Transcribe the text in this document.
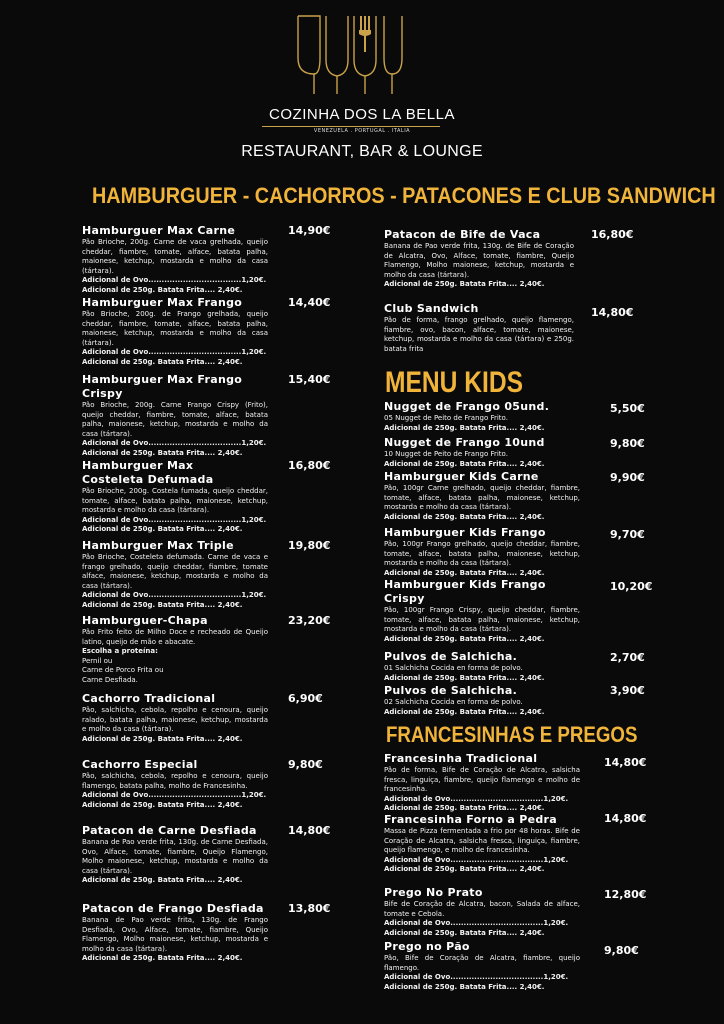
COZINHA DOS LA BELLA
VENEZUELA . PORTUGAL . ITALIA
RESTAURANT, BAR & LOUNGE
HAMBURGUER - CACHORROS - PATACONES E CLUB SANDWICH
MENU KIDS
FRANCESINHAS E PREGOS
Hamburguer Max Carne
Pão Brioche, 200g. Carne de vaca grelhada, queijo cheddar, fiambre, tomate, alface, batata palha, maionese, ketchup, mostarda e molho da casa (tártara).
Adicional de Ovo...................................1,20€.
Adicional de 250g. Batata Frita.... 2,40€.
14,90€
Hamburguer Max Frango
Pão Brioche, 200g. de Frango grelhada, queijo cheddar, fiambre, tomate, alface, batata palha, maionese, ketchup, mostarda e molho da casa (tártara).
Adicional de Ovo...................................1,20€.
Adicional de 250g. Batata Frita.... 2,40€.
14,40€
Hamburguer Max Frango Crispy
Pão Brioche, 200g. Carne Frango Crispy (Frito), queijo cheddar, fiambre, tomate, alface, batata palha, maionese, ketchup, mostarda e molho da casa (tártara).
Adicional de Ovo...................................1,20€.
Adicional de 250g. Batata Frita.... 2,40€.
15,40€
Hamburguer Max Costeleta Defumada
Pão Brioche, 200g. Costela fumada, queijo cheddar, tomate, alface, batata palha, maionese, ketchup, mostarda e molho da casa (tártara).
Adicional de Ovo...................................1,20€.
Adicional de 250g. Batata Frita.... 2,40€.
16,80€
Hamburguer Max Triple
Pão Brioche, Costeleta defumada. Carne de vaca e frango grelhado, queijo cheddar, fiambre, tomate alface, maionese, ketchup, mostarda e molho da casa (tártara).
Adicional de Ovo...................................1,20€.
Adicional de 250g. Batata Frita.... 2,40€.
19,80€
Hamburguer-Chapa
Pão Frito feito de Milho Doce e recheado de Queijo latino, queijo de mão e abacate.
Escolha a proteína:
Pernil ou
Carne de Porco Frita ou
Carne Desfiada.
23,20€
Cachorro Tradicional
Pão, salchicha, cebola, repolho e cenoura, queijo ralado, batata palha, maionese, ketchup, mostarda e molho da casa (tártara).
Adicional de 250g. Batata Frita.... 2,40€.
6,90€
Cachorro Especial
Pão, salchicha, cebola, repolho e cenoura, queijo flamengo, batata palha, molho de Francesinha.
Adicional de Ovo...................................1,20€.
Adicional de 250g. Batata Frita.... 2,40€.
9,80€
Patacon de Carne Desfiada
Banana de Pao verde frita, 130g. de Carne Desfiada, Ovo, Alface, tomate, fiambre, Queijo Flamengo, Molho maionese, ketchup, mostarda e molho da casa (tártara).
Adicional de 250g. Batata Frita.... 2,40€.
14,80€
Patacon de Frango Desfiada
Banana de Pao verde frita, 130g. de Frango Desfiada, Ovo, Alface, tomate, fiambre, Queijo Flamengo, Molho maionese, ketchup, mostarda e molho da casa (tártara).
Adicional de 250g. Batata Frita.... 2,40€.
13,80€
Patacon de Bife de Vaca
Banana de Pao verde frita, 130g. de Bife de Coração de Alcatra, Ovo, Alface, tomate, fiambre, Queijo Flamengo, Molho maionese, ketchup, mostarda e molho da casa (tártara).
Adicional de 250g. Batata Frita.... 2,40€.
16,80€
Club Sandwich
Pão de forma, frango grelhado, queijo flamengo, fiambre, ovo, bacon, alface, tomate, maionese, ketchup, mostarda e molho da casa (tártara) e 250g. batata frita
14,80€
Nugget de Frango 05und.
05 Nugget de Peito de Frango Frito.
Adicional de 250g. Batata Frita.... 2,40€.
5,50€
Nugget de Frango 10und
10 Nugget de Peito de Frango Frito.
Adicional de 250g. Batata Frita.... 2,40€.
9,80€
Hamburguer Kids Carne
Pão, 100gr Carne grelhado, queijo cheddar, fiambre, tomate, alface, batata palha, maionese, ketchup, mostarda e molho da casa (tártara).
Adicional de 250g. Batata Frita.... 2,40€.
9,90€
Hamburguer Kids Frango
Pão, 100gr Frango grelhado, queijo cheddar, fiambre, tomate, alface, batata palha, maionese, ketchup, mostarda e molho da casa (tártara).
Adicional de 250g. Batata Frita.... 2,40€.
9,70€
Hamburguer Kids Frango Crispy
Pão, 100gr Frango Crispy, queijo cheddar, fiambre, tomate, alface, batata palha, maionese, ketchup, mostarda e molho da casa (tártara).
Adicional de 250g. Batata Frita.... 2,40€.
10,20€
Pulvos de Salchicha.
01 Salchicha Cocida en forma de polvo.
Adicional de 250g. Batata Frita.... 2,40€.
2,70€
Pulvos de Salchicha.
02 Salchicha Cocida en forma de polvo.
Adicional de 250g. Batata Frita.... 2,40€.
3,90€
Francesinha Tradicional
Pão de forma, Bife de Coração de Alcatra, salsicha fresca, linguiça, fiambre, queijo flamengo e molho de francesinha.
Adicional de Ovo...................................1,20€.
Adicional de 250g. Batata Frita.... 2,40€.
14,80€
Francesinha Forno a Pedra
Massa de Pizza fermentada a frio por 48 horas. Bife de Coração de Alcatra, salsicha fresca, linguiça, fiambre, queijo flamengo, e molho de francesinha.
Adicional de Ovo...................................1,20€.
Adicional de 250g. Batata Frita.... 2,40€.
14,80€
Prego No Prato
Bife de Coração de Alcatra, bacon, Salada de alface, tomate e Cebola.
Adicional de Ovo...................................1,20€.
Adicional de 250g. Batata Frita.... 2,40€.
12,80€
Prego no Pão
Pão, Bife de Coração de Alcatra, fiambre, queijo flamengo.
Adicional de Ovo...................................1,20€.
Adicional de 250g. Batata Frita.... 2,40€.
9,80€
